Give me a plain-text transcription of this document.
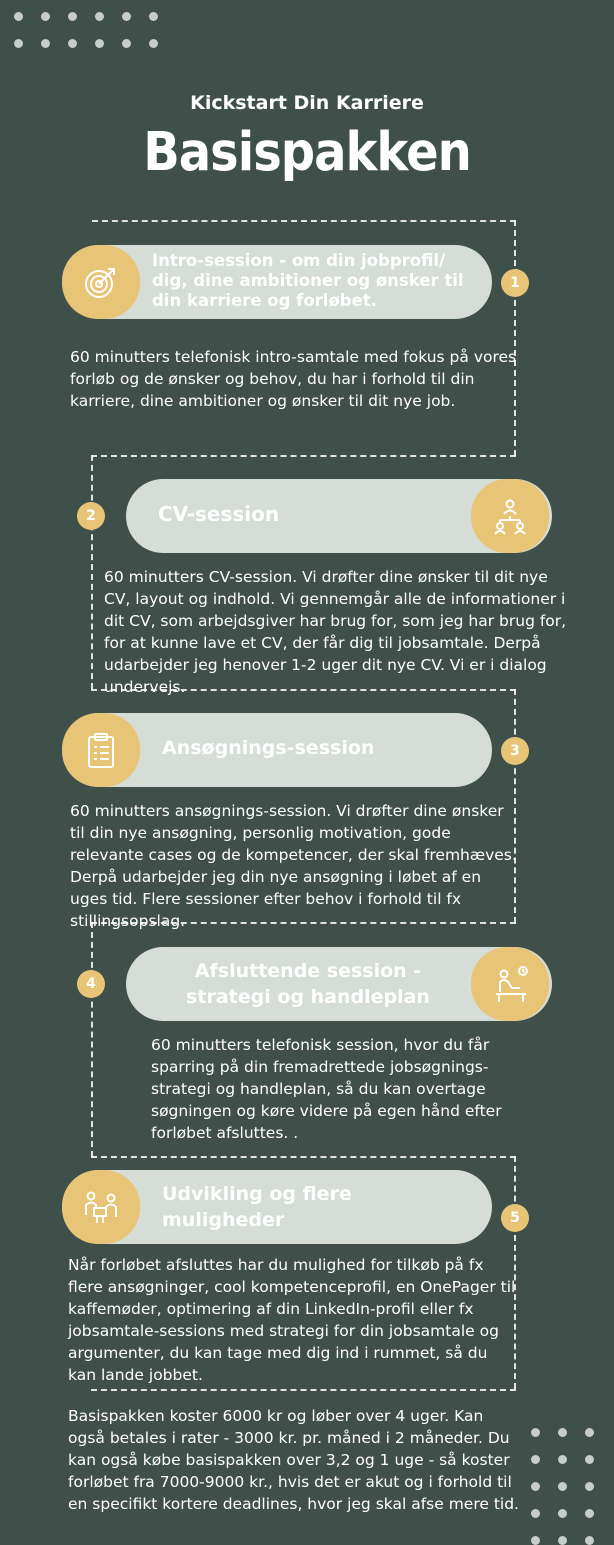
Kickstart Din Karriere
Basispakken
Intro-session - om din jobprofil/ dig, dine ambitioner og ønsker til din karriere og forløbet.
1
60 minutters telefonisk intro-samtale med fokus på vores forløb og de ønsker og behov, du har i forhold til din karriere, dine ambitioner og ønsker til dit nye job.
CV-session
2
60 minutters CV-session. Vi drøfter dine ønsker til dit nye CV, layout og indhold. Vi gennemgår alle de informationer i dit CV, som arbejdsgiver har brug for, som jeg har brug for, for at kunne lave et CV, der får dig til jobsamtale. Derpå udarbejder jeg henover 1-2 uger dit nye CV. Vi er i dialog undervejs.
Ansøgnings-session	3
60 minutters ansøgnings-session. Vi drøfter dine ønsker til din nye ansøgning, personlig motivation, gode relevante cases og de kompetencer, der skal fremhæves. Derpå udarbejder jeg din nye ansøgning i løbet af en uges tid. Flere sessioner efter behov i forhold til fx stillingsopslag.
Afsluttende session - strategi og handleplan
4
60 minutters telefonisk session, hvor du får sparring på din fremadrettede jobsøgnings-strategi og handleplan, så du kan overtage søgningen og køre videre på egen hånd efter forløbet afsluttes. .
Udvikling og flere muligheder	5
Når forløbet afsluttes har du mulighed for tilkøb på fx flere ansøgninger, cool kompetenceprofil, en OnePager til kaffemøder, optimering af din LinkedIn-profil eller fx jobsamtale-sessions med strategi for din jobsamtale og argumenter, du kan tage med dig ind i rummet, så du kan lande jobbet.
Basispakken koster 6000 kr og løber over 4 uger. Kan også betales i rater - 3000 kr. pr. måned i 2 måneder. Du kan også købe basispakken over 3,2 og 1 uge - så koster forløbet fra 7000-9000 kr., hvis det er akut og i forhold til en specifikt kortere deadlines, hvor jeg skal afse mere tid.
